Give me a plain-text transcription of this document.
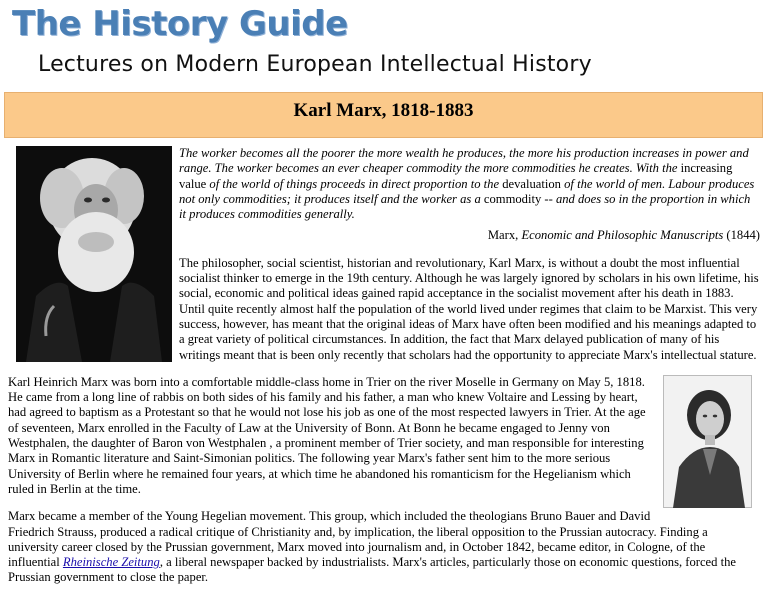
The History Guide
Lectures on Modern European Intellectual History
Karl Marx, 1818-1883

The worker becomes all the poorer the more wealth he produces, the more his production increases in power and range. The worker becomes an ever cheaper commodity the more commodities he creates. With the increasing value of the world of things proceeds in direct proportion to the devaluation of the world of men. Labour produces not only commodities; it produces itself and the worker as a commodity -- and does so in the proportion in which it produces commodities generally.

Marx, Economic and Philosophic Manuscripts (1844)

The philosopher, social scientist, historian and revolutionary, Karl Marx, is without a doubt the most influential socialist thinker to emerge in the 19th century. Although he was largely ignored by scholars in his own lifetime, his social, economic and political ideas gained rapid acceptance in the socialist movement after his death in 1883. Until quite recently almost half the population of the world lived under regimes that claim to be Marxist. This very success, however, has meant that the original ideas of Marx have often been modified and his meanings adapted to a great variety of political circumstances. In addition, the fact that Marx delayed publication of many of his writings meant that is been only recently that scholars had the opportunity to appreciate Marx's intellectual stature.

Karl Heinrich Marx was born into a comfortable middle-class home in Trier on the river Moselle in Germany on May 5, 1818. He came from a long line of rabbis on both sides of his family and his father, a man who knew Voltaire and Lessing by heart, had agreed to baptism as a Protestant so that he would not lose his job as one of the most respected lawyers in Trier. At the age of seventeen, Marx enrolled in the Faculty of Law at the University of Bonn. At Bonn he became engaged to Jenny von Westphalen, the daughter of Baron von Westphalen , a prominent member of Trier society, and man responsible for interesting Marx in Romantic literature and Saint-Simonian politics. The following year Marx's father sent him to the more serious University of Berlin where he remained four years, at which time he abandoned his romanticism for the Hegelianism which ruled in Berlin at the time.

Marx became a member of the Young Hegelian movement. This group, which included the theologians Bruno Bauer and David Friedrich Strauss, produced a radical critique of Christianity and, by implication, the liberal opposition to the Prussian autocracy. Finding a university career closed by the Prussian government, Marx moved into journalism and, in October 1842, became editor, in Cologne, of the influential Rheinische Zeitung, a liberal newspaper backed by industrialists. Marx's articles, particularly those on economic questions, forced the Prussian government to close the paper.
